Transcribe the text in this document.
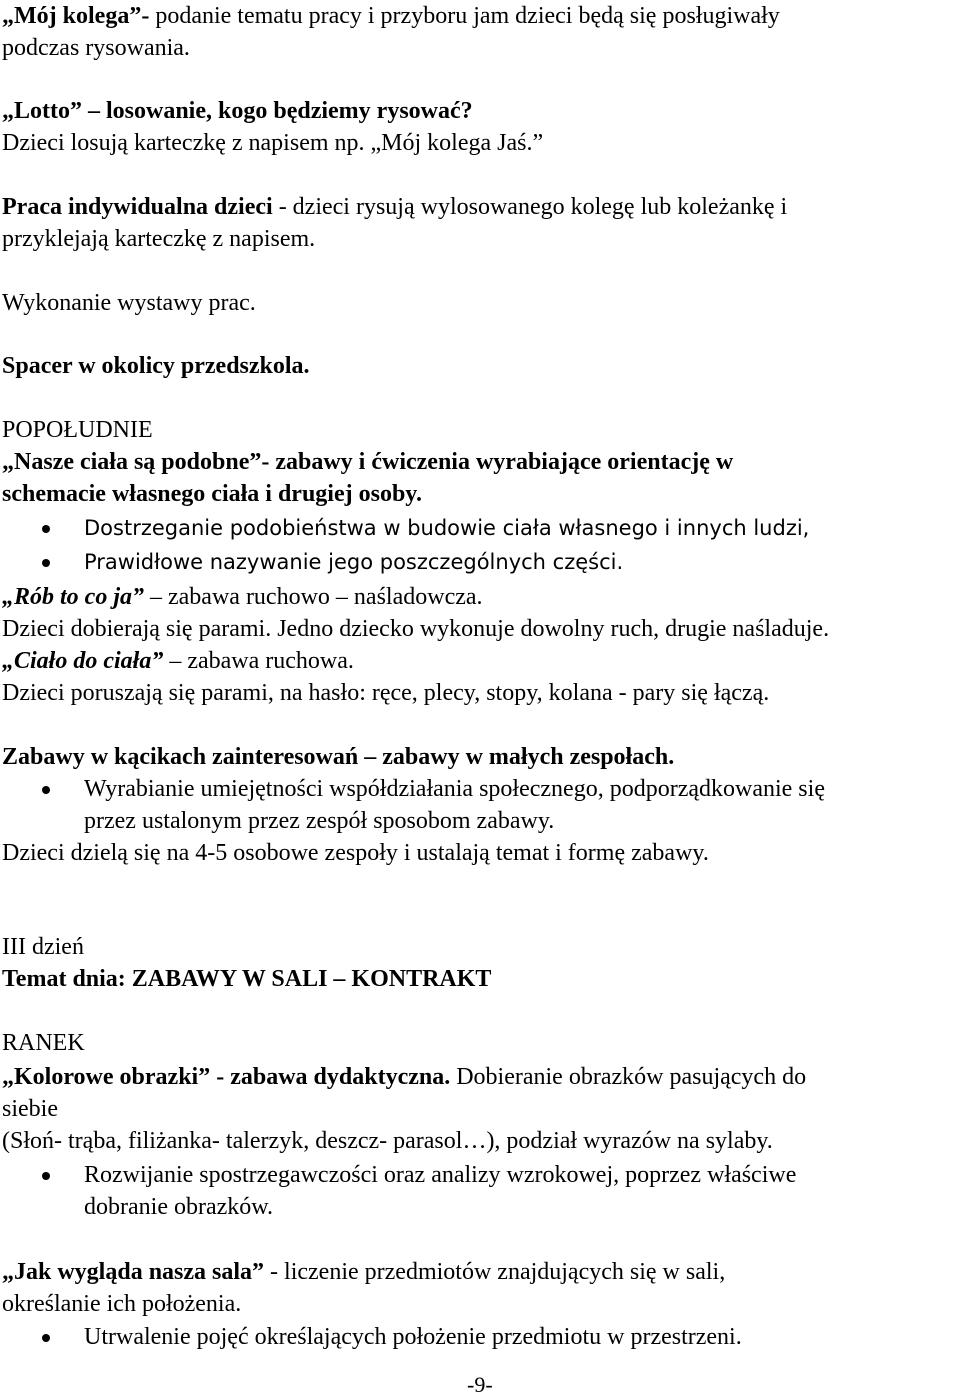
„Mój kolega”- podanie tematu pracy i przyboru jam dzieci będą się posługiwały

podczas rysowania.

„Lotto” – losowanie, kogo będziemy rysować?

Dzieci losują karteczkę z napisem np. „Mój kolega Jaś.”

Praca indywidualna dzieci - dzieci rysują wylosowanego kolegę lub koleżankę i

przyklejają karteczkę z napisem.

Wykonanie wystawy prac.

Spacer w okolicy przedszkola.

POPOŁUDNIE

„Nasze ciała są podobne”- zabawy i ćwiczenia wyrabiające orientację w

schemacie własnego ciała i drugiej osoby.

Dostrzeganie podobieństwa w budowie ciała własnego i innych ludzi,
Prawidłowe nazywanie jego poszczególnych części.

„Rób to co ja” – zabawa ruchowo – naśladowcza.

Dzieci dobierają się parami. Jedno dziecko wykonuje dowolny ruch, drugie naśladuje.

„Ciało do ciała” – zabawa ruchowa.

Dzieci poruszają się parami, na hasło: ręce, plecy, stopy, kolana - pary się łączą.

Zabawy w kącikach zainteresowań – zabawy w małych zespołach.

Wyrabianie umiejętności współdziałania społecznego, podporządkowanie się

przez ustalonym przez zespół sposobom zabawy.

Dzieci dzielą się na 4-5 osobowe zespoły i ustalają temat i formę zabawy.

III dzień

Temat dnia: ZABAWY W SALI – KONTRAKT

RANEK

„Kolorowe obrazki” - zabawa dydaktyczna. Dobieranie obrazków pasujących do

siebie

(Słoń- trąba, filiżanka- talerzyk, deszcz- parasol…), podział wyrazów na sylaby.

Rozwijanie spostrzegawczości oraz analizy wzrokowej, poprzez właściwe

dobranie obrazków.

„Jak wygląda nasza sala” - liczenie przedmiotów znajdujących się w sali,

określanie ich położenia.

Utrwalenie pojęć określających położenie przedmiotu w przestrzeni.
-9-
